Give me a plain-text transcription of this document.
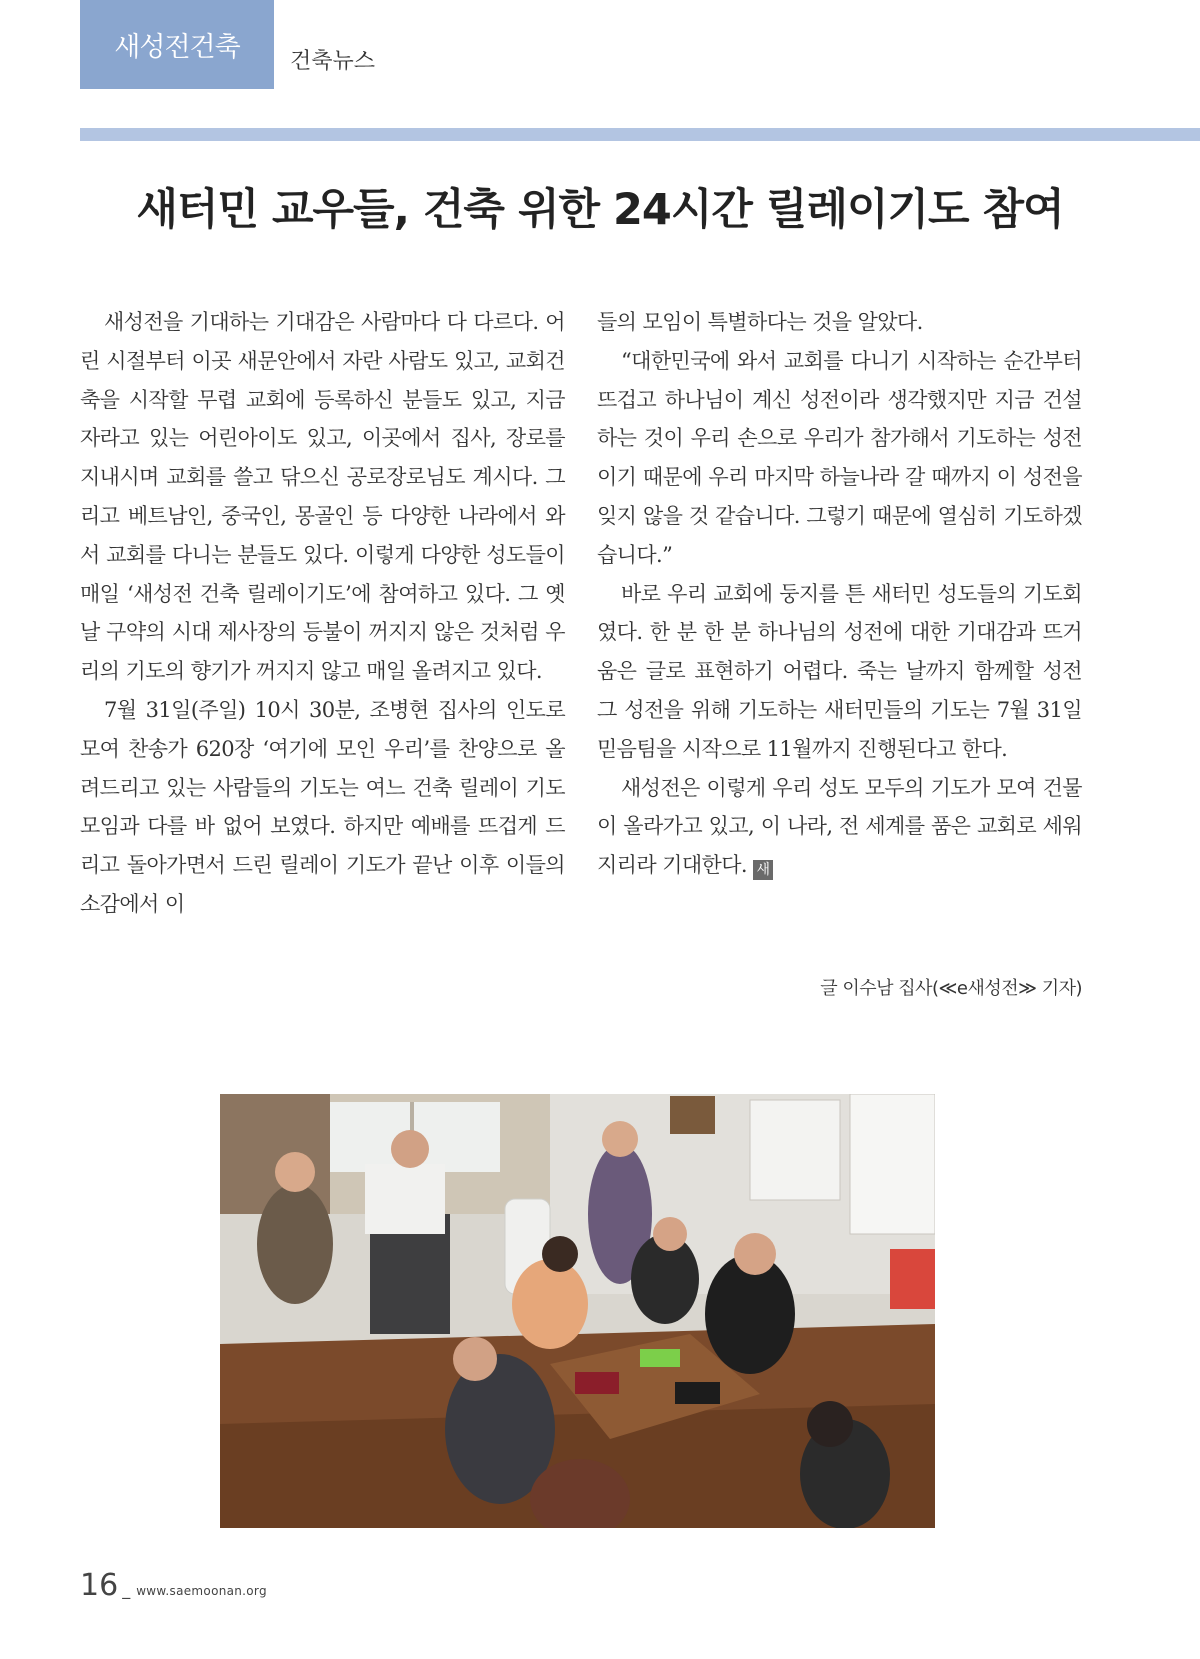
새성전건축	건축뉴스
새터민 교우들, 건축 위한 24시간 릴레이기도 참여

새성전을 기대하는 기대감은 사람마다 다 다르다. 어린 시절부터 이곳 새문안에서 자란 사람도 있고, 교회건축을 시작할 무렵 교회에 등록하신 분들도 있고, 지금 자라고 있는 어린아이도 있고, 이곳에서 집사, 장로를 지내시며 교회를 쓸고 닦으신 공로장로님도 계시다. 그리고 베트남인, 중국인, 몽골인 등 다양한 나라에서 와서 교회를 다니는 분들도 있다. 이렇게 다양한 성도들이 매일 ‘새성전 건축 릴레이기도’에 참여하고 있다. 그 옛날 구약의 시대 제사장의 등불이 꺼지지 않은 것처럼 우리의 기도의 향기가 꺼지지 않고 매일 올려지고 있다.

7월 31일(주일) 10시 30분, 조병현 집사의 인도로 모여 찬송가 620장 ‘여기에 모인 우리’를 찬양으로 올려드리고 있는 사람들의 기도는 여느 건축 릴레이 기도 모임과 다를 바 없어 보였다. 하지만 예배를 뜨겁게 드리고 돌아가면서 드린 릴레이 기도가 끝난 이후 이들의 소감에서 이

들의 모임이 특별하다는 것을 알았다.

“대한민국에 와서 교회를 다니기 시작하는 순간부터 뜨겁고 하나님이 계신 성전이라 생각했지만 지금 건설하는 것이 우리 손으로 우리가 참가해서 기도하는 성전이기 때문에 우리 마지막 하늘나라 갈 때까지 이 성전을 잊지 않을 것 같습니다. 그렇기 때문에 열심히 기도하겠습니다.”

바로 우리 교회에 둥지를 튼 새터민 성도들의 기도회였다. 한 분 한 분 하나님의 성전에 대한 기대감과 뜨거움은 글로 표현하기 어렵다. 죽는 날까지 함께할 성전 그 성전을 위해 기도하는 새터민들의 기도는 7월 31일 믿음팀을 시작으로 11월까지 진행된다고 한다.

새성전은 이렇게 우리 성도 모두의 기도가 모여 건물이 올라가고 있고, 이 나라, 전 세계를 품은 교회로 세워지리라 기대한다. 새

글 이수남 집사(≪e새성전≫ 기자)
16 _ www.saemoonan.org
